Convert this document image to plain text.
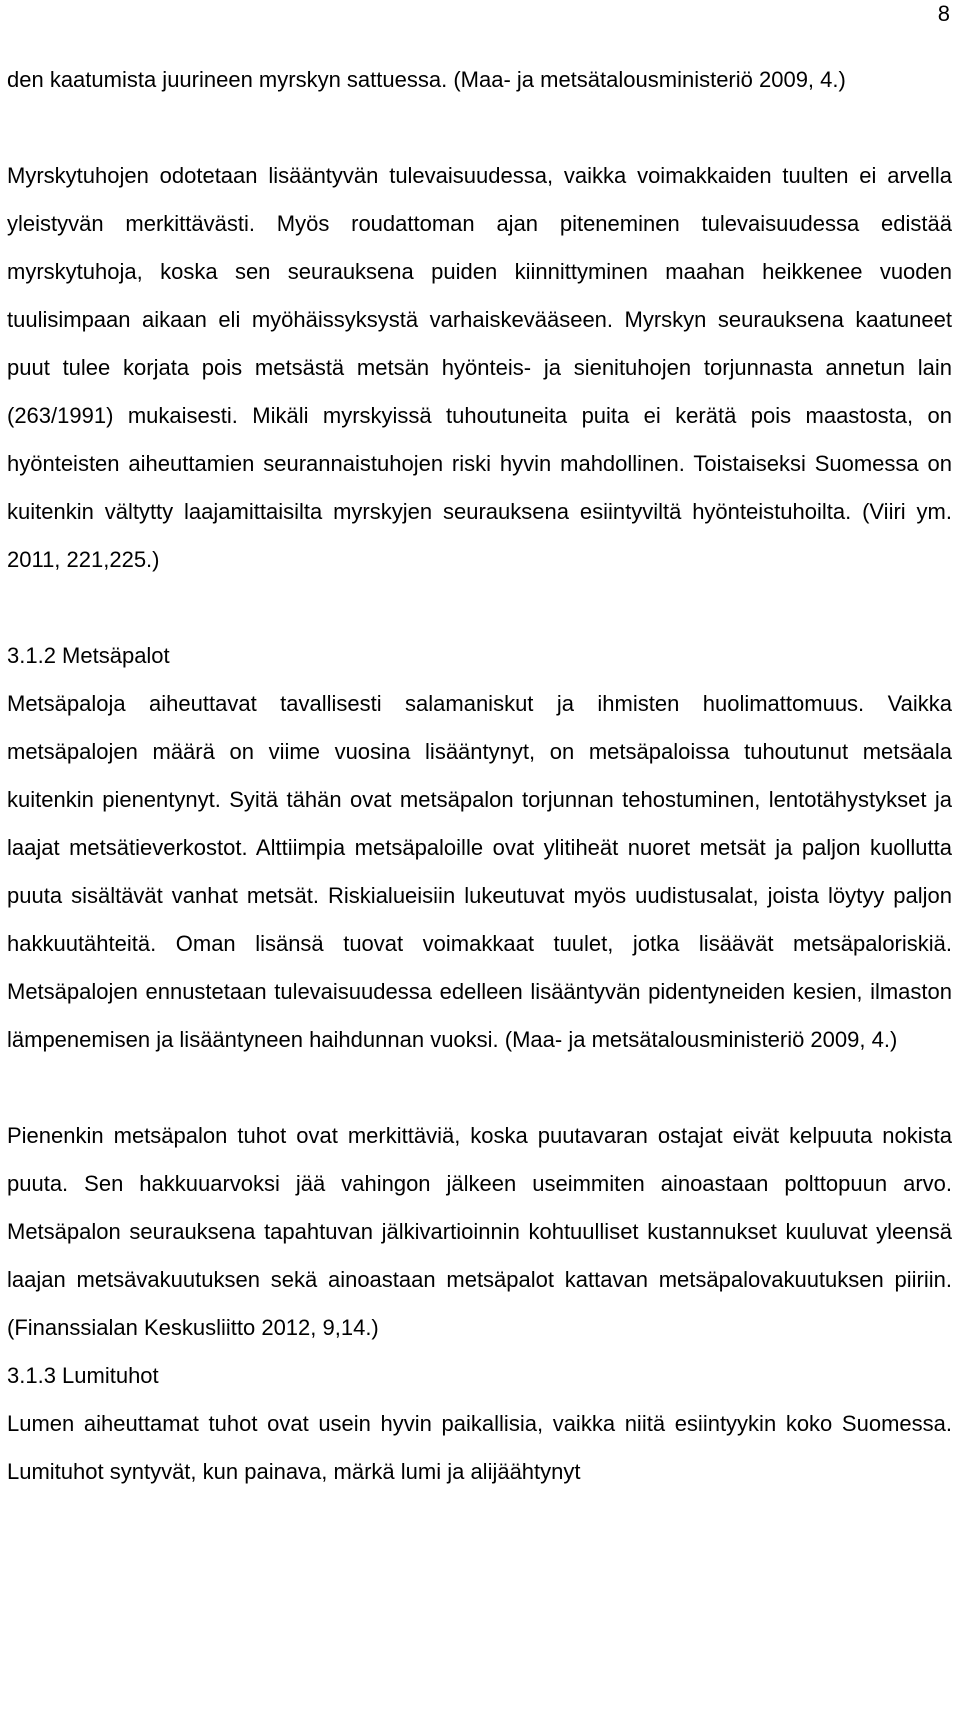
8

den kaatumista juurineen myrskyn sattuessa. (Maa- ja metsätalousministeriö 2009, 4.)

Myrskytuhojen odotetaan lisääntyvän tulevaisuudessa, vaikka voimakkaiden tuulten ei arvella yleistyvän merkittävästi. Myös roudattoman ajan piteneminen tulevaisuudessa edistää myrskytuhoja, koska sen seurauksena puiden kiinnittyminen maahan heikkenee vuoden tuulisimpaan aikaan eli myöhäissyksystä varhaiskevääseen. Myrskyn seurauksena kaatuneet puut tulee korjata pois metsästä metsän hyönteis- ja sienituhojen torjunnasta annetun lain (263/1991) mukaisesti. Mikäli myrskyissä tuhoutuneita puita ei kerätä pois maastosta, on hyönteisten aiheuttamien seurannaistuhojen riski hyvin mahdollinen. Toistaiseksi Suomessa on kuitenkin vältytty laajamittaisilta myrskyjen seurauksena esiintyviltä hyönteistuhoilta. (Viiri ym. 2011, 221,225.)

3.1.2 Metsäpalot

Metsäpaloja aiheuttavat tavallisesti salamaniskut ja ihmisten huolimattomuus. Vaikka metsäpalojen määrä on viime vuosina lisääntynyt, on metsäpaloissa tuhoutunut metsäala kuitenkin pienentynyt. Syitä tähän ovat metsäpalon torjunnan tehostuminen, lentotähystykset ja laajat metsätieverkostot. Alttiimpia metsäpaloille ovat ylitiheät nuoret metsät ja paljon kuollutta puuta sisältävät vanhat metsät. Riskialueisiin lukeutuvat myös uudistusalat, joista löytyy paljon hakkuutähteitä. Oman lisänsä tuovat voimakkaat tuulet, jotka lisäävät metsäpaloriskiä. Metsäpalojen ennustetaan tulevaisuudessa edelleen lisääntyvän pidentyneiden kesien, ilmaston lämpenemisen ja lisääntyneen haihdunnan vuoksi. (Maa- ja metsätalousministeriö 2009, 4.)

Pienenkin metsäpalon tuhot ovat merkittäviä, koska puutavaran ostajat eivät kelpuuta nokista puuta. Sen hakkuuarvoksi jää vahingon jälkeen useimmiten ainoastaan polttopuun arvo. Metsäpalon seurauksena tapahtuvan jälkivartioinnin kohtuulliset kustannukset kuuluvat yleensä laajan metsävakuutuksen sekä ainoastaan metsäpalot kattavan metsäpalovakuutuksen piiriin. (Finanssialan Keskusliitto 2012, 9,14.)

3.1.3 Lumituhot

Lumen aiheuttamat tuhot ovat usein hyvin paikallisia, vaikka niitä esiintyykin koko Suomessa. Lumituhot syntyvät, kun painava, märkä lumi ja alijäähtynyt
